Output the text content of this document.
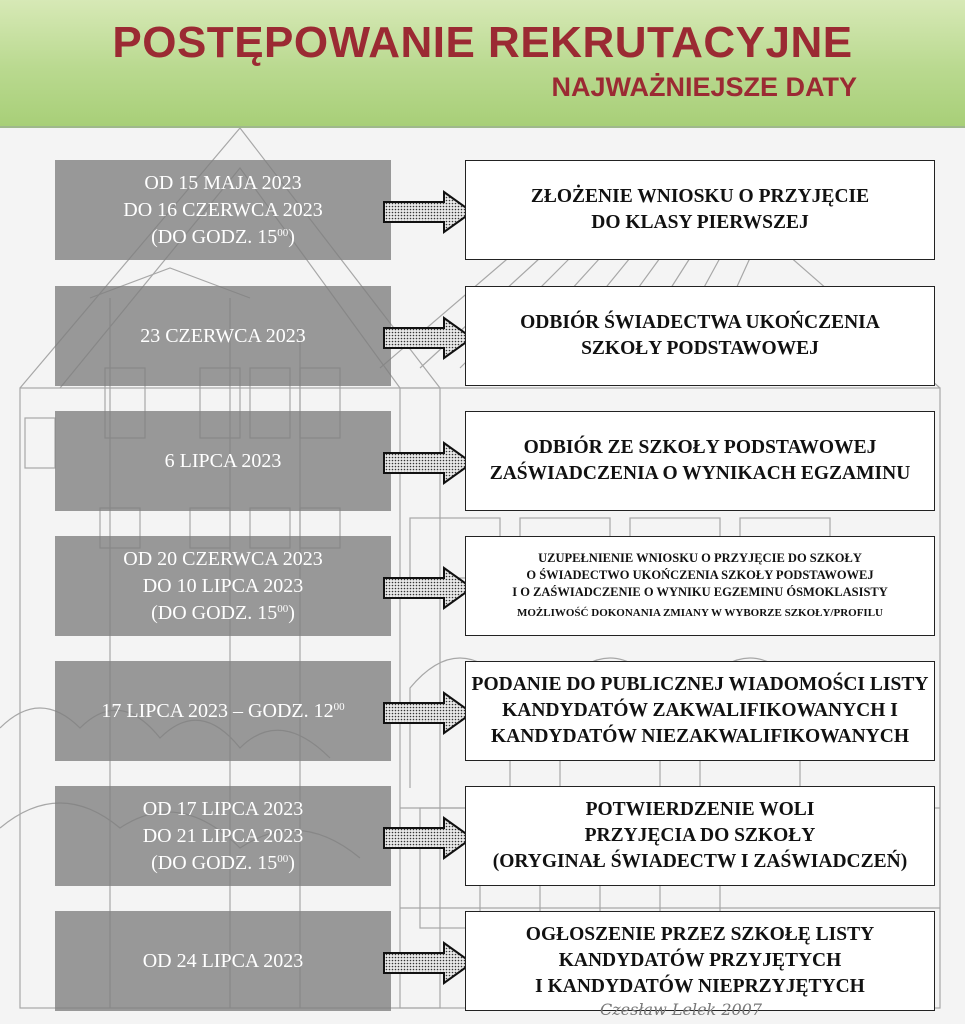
POSTĘPOWANIE REKRUTACYJNE
NAJWAŻNIEJSZE DATY
OD 15 MAJA 2023
DO 16 CZERWCA 2023
(DO GODZ. $15^{00}$)
ZŁOŻENIE WNIOSKU O PRZYJĘCIE
DO KLASY PIERWSZEJ
23 CZERWCA 2023
ODBIÓR ŚWIADECTWA UKOŃCZENIA
SZKOŁY PODSTAWOWEJ
6 LIPCA 2023
ODBIÓR ZE SZKOŁY PODSTAWOWEJ
ZAŚWIADCZENIA O WYNIKACH EGZAMINU
OD 20 CZERWCA 2023
DO 10 LIPCA 2023
(DO GODZ. $15^{00}$)
UZUPEŁNIENIE WNIOSKU O PRZYJĘCIE DO SZKOŁY
O ŚWIADECTWO UKOŃCZENIA SZKOŁY PODSTAWOWEJ
I O ZAŚWIADCZENIE O WYNIKU EGZEMINU ÓSMOKLASISTY
MOŻLIWOŚĆ DOKONANIA ZMIANY W WYBORZE SZKOŁY/PROFILU
17 LIPCA 2023 – GODZ. $12^{00}$
PODANIE DO PUBLICZNEJ WIADOMOŚCI LISTY
KANDYDATÓW ZAKWALIFIKOWANYCH I
KANDYDATÓW NIEZAKWALIFIKOWANYCH
OD 17 LIPCA 2023
DO 21 LIPCA 2023
(DO GODZ. $15^{00}$)
POTWIERDZENIE WOLI
PRZYJĘCIA DO SZKOŁY
(ORYGINAŁ ŚWIADECTW I ZAŚWIADCZEŃ)
OD 24 LIPCA 2023
OGŁOSZENIE PRZEZ SZKOŁĘ LISTY
KANDYDATÓW PRZYJĘTYCH
I KANDYDATÓW NIEPRZYJĘTYCH
Czesław Lelek 2007
